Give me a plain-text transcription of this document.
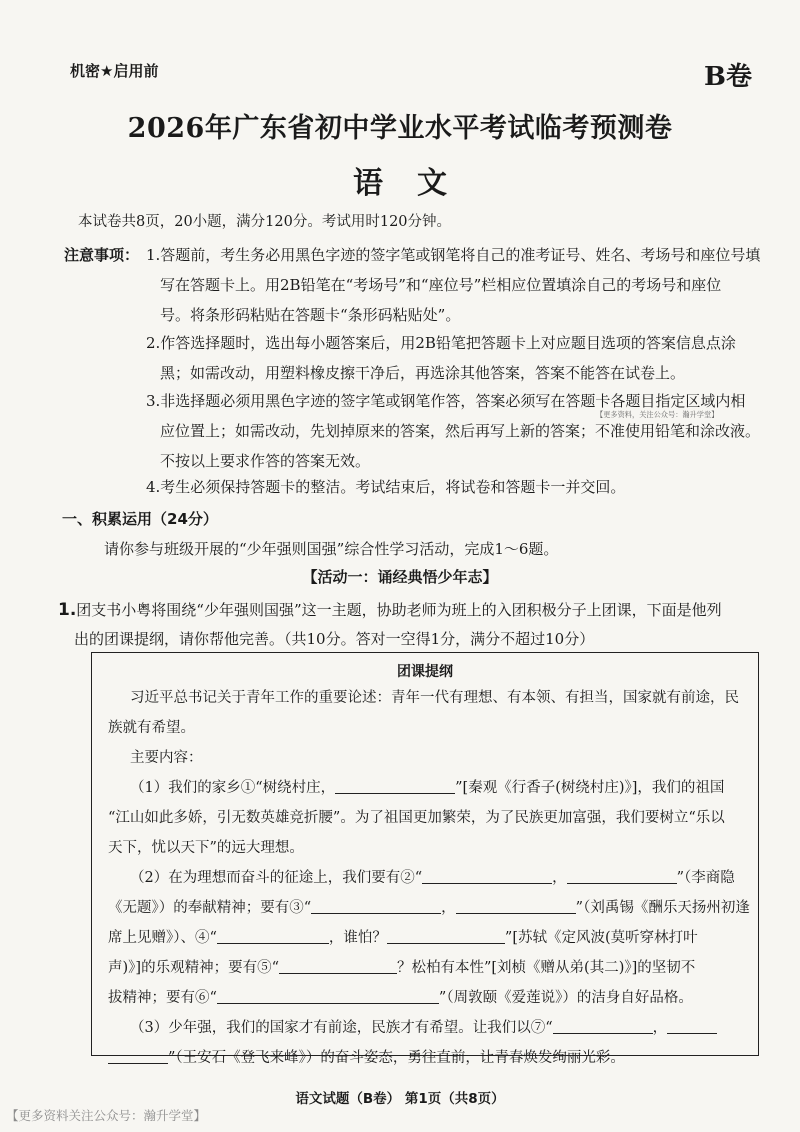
机密★启用前	B卷
2026年广东省初中学业水平考试临考预测卷
语文
本试卷共8页，20小题，满分120分。考试用时120分钟。
注意事项： 1.答题前，考生务必用黑色字迹的签字笔或钢笔将自己的准考证号、姓名、考场号和座位号填
写在答题卡上。用2B铅笔在“考场号”和“座位号”栏相应位置填涂自己的考场号和座位
号。将条形码粘贴在答题卡“条形码粘贴处”。
2.作答选择题时，选出每小题答案后，用2B铅笔把答题卡上对应题目选项的答案信息点涂
黑；如需改动，用塑料橡皮擦干净后，再选涂其他答案，答案不能答在试卷上。
3.非选择题必须用黑色字迹的签字笔或钢笔作答，答案必须写在答题卡各题目指定区域内相
应位置上；如需改动，先划掉原来的答案，然后再写上新的答案；不准使用铅笔和涂改液。
不按以上要求作答的答案无效。
4.考生必须保持答题卡的整洁。考试结束后，将试卷和答题卡一并交回。
【更多资料，关注公众号：瀚升学堂】
一、积累运用（24分）
请你参与班级开展的“少年强则国强”综合性学习活动，完成1～6题。
【活动一：诵经典悟少年志】
1.团支书小粤将围绕“少年强则国强”这一主题，协助老师为班上的入团积极分子上团课，下面是他列
出的团课提纲，请你帮他完善。（共10分。答对一空得1分，满分不超过10分）
团课提纲
习近平总书记关于青年工作的重要论述：青年一代有理想、有本领、有担当，国家就有前途，民
族就有希望。
主要内容：
（1）我们的家乡①“树绕村庄，	”[秦观《行香子(树绕村庄)》]，我们的祖国
“江山如此多娇，引无数英雄竞折腰”。为了祖国更加繁荣，为了民族更加富强，我们要树立“乐以
天下，忧以天下”的远大理想。
（2）在为理想而奋斗的征途上，我们要有②“	，	”（李商隐
《无题》）的奉献精神；要有③“	，	”（刘禹锡《酬乐天扬州初逢
席上见赠》）、④“	，谁怕？	”[苏轼《定风波(莫听穿林打叶
声)》]的乐观精神；要有⑤“	？松柏有本性”[刘桢《赠从弟(其二)》]的坚韧不
拔精神；要有⑥“	”（周敦颐《爱莲说》）的洁身自好品格。
（3）少年强，我们的国家才有前途，民族才有希望。让我们以⑦“	，
”（王安石《登飞来峰》）的奋斗姿态，勇往直前，让青春焕发绚丽光彩。
语文试题（B卷） 第1页（共8页）
【更多资料关注公众号：瀚升学堂】
